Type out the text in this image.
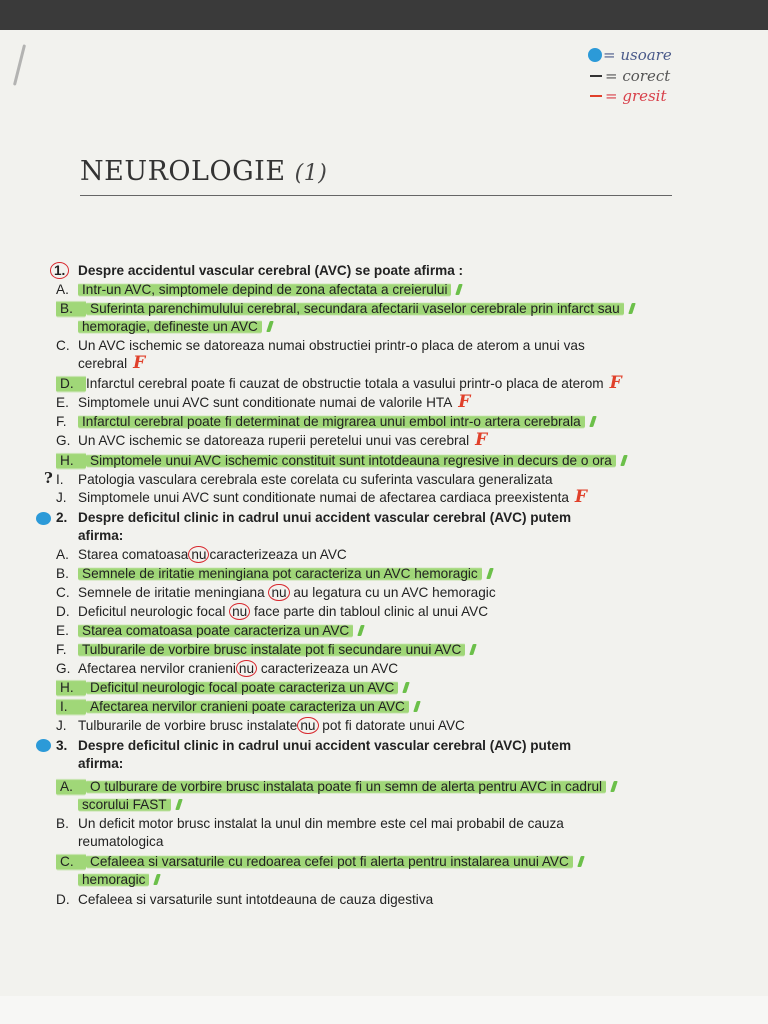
= usoare
= corect
= gresit
NEUROLOGIE (1)
1. Despre accidentul vascular cerebral (AVC) se poate afirma :
A. Intr-un AVC, simptomele depind de zona afectata a creierului
B. Suferinta parenchimulului cerebral, secundara afectarii vaselor cerebrale prin infarct sau
hemoragie, defineste un AVC
C. Un AVC ischemic se datoreaza numai obstructiei printr-o placa de aterom a unui vas
cerebral F
D. Infarctul cerebral poate fi cauzat de obstructie totala a vasului printr-o placa de aterom F
E. Simptomele unui AVC sunt conditionate numai de valorile HTA F
F. Infarctul cerebral poate fi determinat de migrarea unui embol intr-o artera cerebrala
G. Un AVC ischemic se datoreaza ruperii peretelui unui vas cerebral F
H. Simptomele unui AVC ischemic constituit sunt intotdeauna regresive in decurs de o ora
? I. Patologia vasculara cerebrala este corelata cu suferinta vasculara generalizata
J. Simptomele unui AVC sunt conditionate numai de afectarea cardiaca preexistenta F
2. Despre deficitul clinic in cadrul unui accident vascular cerebral (AVC) putem
afirma:
A. Starea comatoasa nu caracterizeaza un AVC
B. Semnele de iritatie meningiana pot caracteriza un AVC hemoragic
C. Semnele de iritatie meningiana nu au legatura cu un AVC hemoragic
D. Deficitul neurologic focal nu face parte din tabloul clinic al unui AVC
E. Starea comatoasa poate caracteriza un AVC
F. Tulburarile de vorbire brusc instalate pot fi secundare unui AVC
G. Afectarea nervilor cranieni nu caracterizeaza un AVC
H. Deficitul neurologic focal poate caracteriza un AVC
I. Afectarea nervilor cranieni poate caracteriza un AVC
J. Tulburarile de vorbire brusc instalate nu pot fi datorate unui AVC
3. Despre deficitul clinic in cadrul unui accident vascular cerebral (AVC) putem
afirma:
A. O tulburare de vorbire brusc instalata poate fi un semn de alerta pentru AVC in cadrul
scorului FAST
B. Un deficit motor brusc instalat la unul din membre este cel mai probabil de cauza
reumatologica
C. Cefaleea si varsaturile cu redoarea cefei pot fi alerta pentru instalarea unui AVC
hemoragic
D. Cefaleea si varsaturile sunt intotdeauna de cauza digestiva
